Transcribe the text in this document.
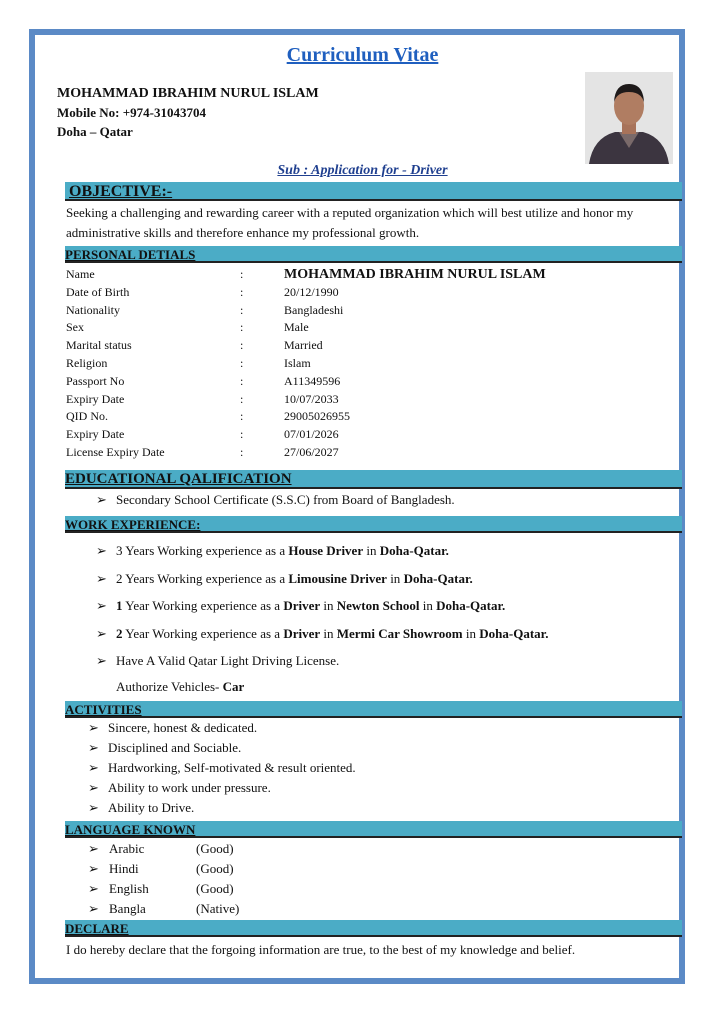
Curriculum Vitae
MOHAMMAD IBRAHIM NURUL ISLAM
Mobile No: +974-31043704
Doha – Qatar
Sub : Application for - Driver
OBJECTIVE:-
Seeking a challenging and rewarding career with a reputed organization which will best utilize and honor my administrative skills and therefore enhance my professional growth.
PERSONAL DETIALS
Name	:	MOHAMMAD IBRAHIM NURUL ISLAM
Date of Birth	:	20/12/1990
Nationality	:	Bangladeshi
Sex	:	Male
Marital status	:	Married
Religion	:	Islam
Passport No	:	A11349596
Expiry Date	:	10/07/2033
QID No.	:	29005026955
Expiry Date	:	07/01/2026
License Expiry Date	:	27/06/2027
EDUCATIONAL QALIFICATION
➢ Secondary School Certificate (S.S.C) from Board of Bangladesh.
WORK EXPERIENCE:
➢ 3 Years Working experience as a House Driver in Doha-Qatar.
➢ 2 Years Working experience as a Limousine Driver in Doha-Qatar.
➢ 1 Year Working experience as a Driver in Newton School in Doha-Qatar.
➢ 2 Year Working experience as a Driver in Mermi Car Showroom in Doha-Qatar.
➢ Have A Valid Qatar Light Driving License.
Authorize Vehicles- Car
ACTIVITIES
➢ Sincere, honest & dedicated.
➢ Disciplined and Sociable.
➢ Hardworking, Self-motivated & result oriented.
➢ Ability to work under pressure.
➢ Ability to Drive.
LANGUAGE KNOWN
➢ Arabic	(Good)
➢ Hindi	(Good)
➢ English	(Good)
➢ Bangla	(Native)
DECLARE
I do hereby declare that the forgoing information are true, to the best of my knowledge and belief.
